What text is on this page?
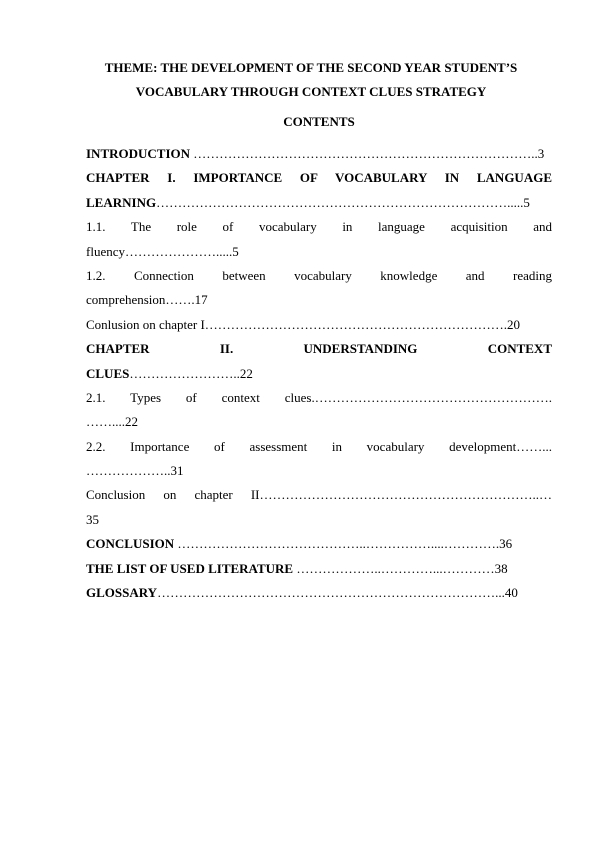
THEME: THE DEVELOPMENT OF THE SECOND YEAR STUDENT’S
VOCABULARY THROUGH CONTEXT CLUES STRATEGY
CONTENTS
INTRODUCTION ……………………………………………………………………..3
CHAPTER I. IMPORTANCE OF VOCABULARY IN LANGUAGE
LEARNING……………………………………………………………………….....5
1.1. The role of vocabulary in language acquisition and
fluency………………….....5
1.2. Connection between vocabulary knowledge and reading
comprehension…….17
Conlusion on chapter I…………………………………………………………….20
CHAPTER II. UNDERSTANDING CONTEXT
CLUES……………………..22
2.1. Types of context clues.……………………………………………….
……....22
2.2. Importance of assessment in vocabulary development……...
………………..31
Conclusion on chapter II………………………………………………………..…
35
CONCLUSION ……………………………………..……………....………….36
THE LIST OF USED LITERATURE ………………..…………...…………38
GLOSSARY……………………………………………………………………...40
